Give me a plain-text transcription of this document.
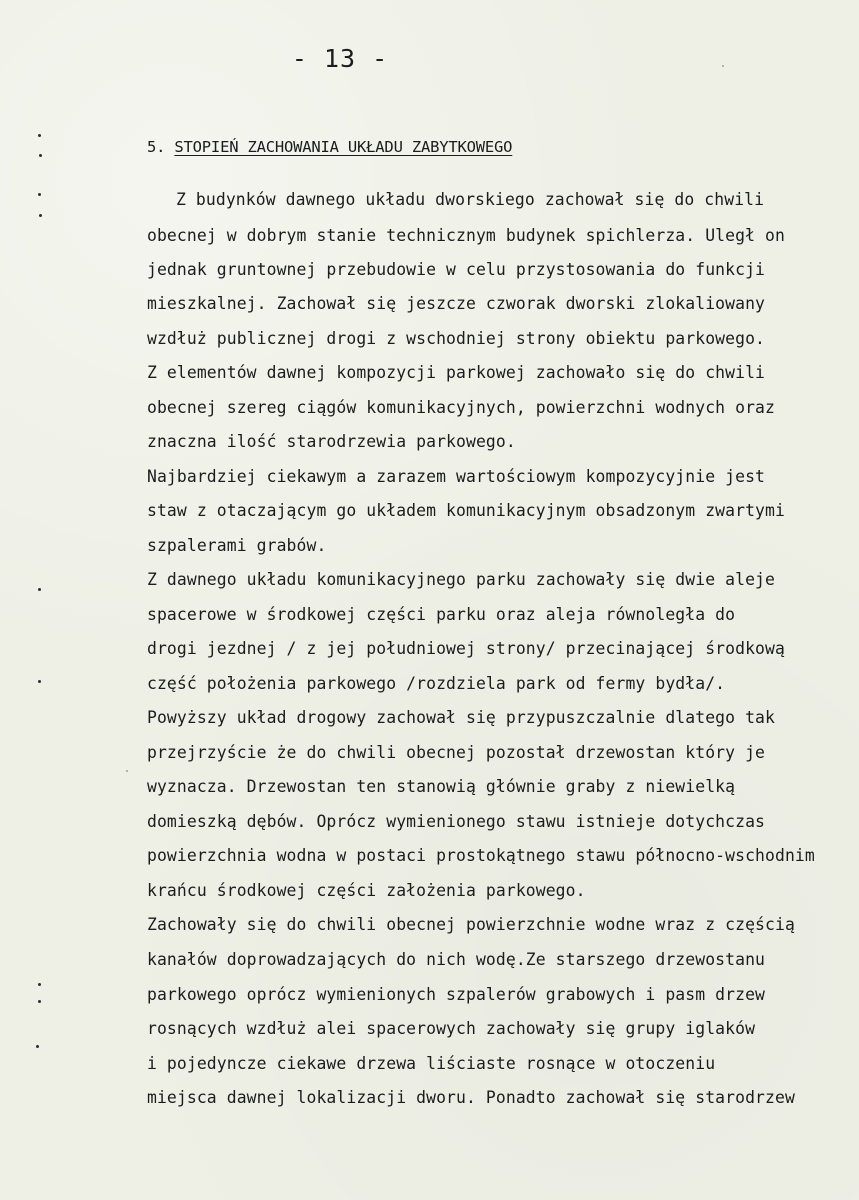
- 13 -
5. STOPIEŃ ZACHOWANIA UKŁADU ZABYTKOWEGO
Z budynków dawnego układu dworskiego zachował się do chwili
obecnej w dobrym stanie technicznym budynek spichlerza. Uległ on
jednak gruntownej przebudowie w celu przystosowania do funkcji
mieszkalnej. Zachował się jeszcze czworak dworski zlokaliowany
wzdłuż publicznej drogi z wschodniej strony obiektu parkowego.
Z elementów dawnej kompozycji parkowej zachowało się do chwili
obecnej szereg ciągów komunikacyjnych, powierzchni wodnych oraz
znaczna ilość starodrzewia parkowego.
Najbardziej ciekawym a zarazem wartościowym kompozycyjnie jest
staw z otaczającym go układem komunikacyjnym obsadzonym zwartymi
szpalerami grabów.
Z dawnego układu komunikacyjnego parku zachowały się dwie aleje
spacerowe w środkowej części parku oraz aleja równoległa do
drogi jezdnej / z jej południowej strony/ przecinającej środkową
część położenia parkowego /rozdziela park od fermy bydła/.
Powyższy układ drogowy zachował się przypuszczalnie dlatego tak
przejrzyście że do chwili obecnej pozostał drzewostan który je
wyznacza. Drzewostan ten stanowią głównie graby z niewielką
domieszką dębów. Oprócz wymienionego stawu istnieje dotychczas
powierzchnia wodna w postaci prostokątnego stawu północno-wschodnim
krańcu środkowej części założenia parkowego.
Zachowały się do chwili obecnej powierzchnie wodne wraz z częścią
kanałów doprowadzających do nich wodę.Ze starszego drzewostanu
parkowego oprócz wymienionych szpalerów grabowych i pasm drzew
rosnących wzdłuż alei spacerowych zachowały się grupy iglaków
i pojedyncze ciekawe drzewa liściaste rosnące w otoczeniu
miejsca dawnej lokalizacji dworu. Ponadto zachował się starodrzew
